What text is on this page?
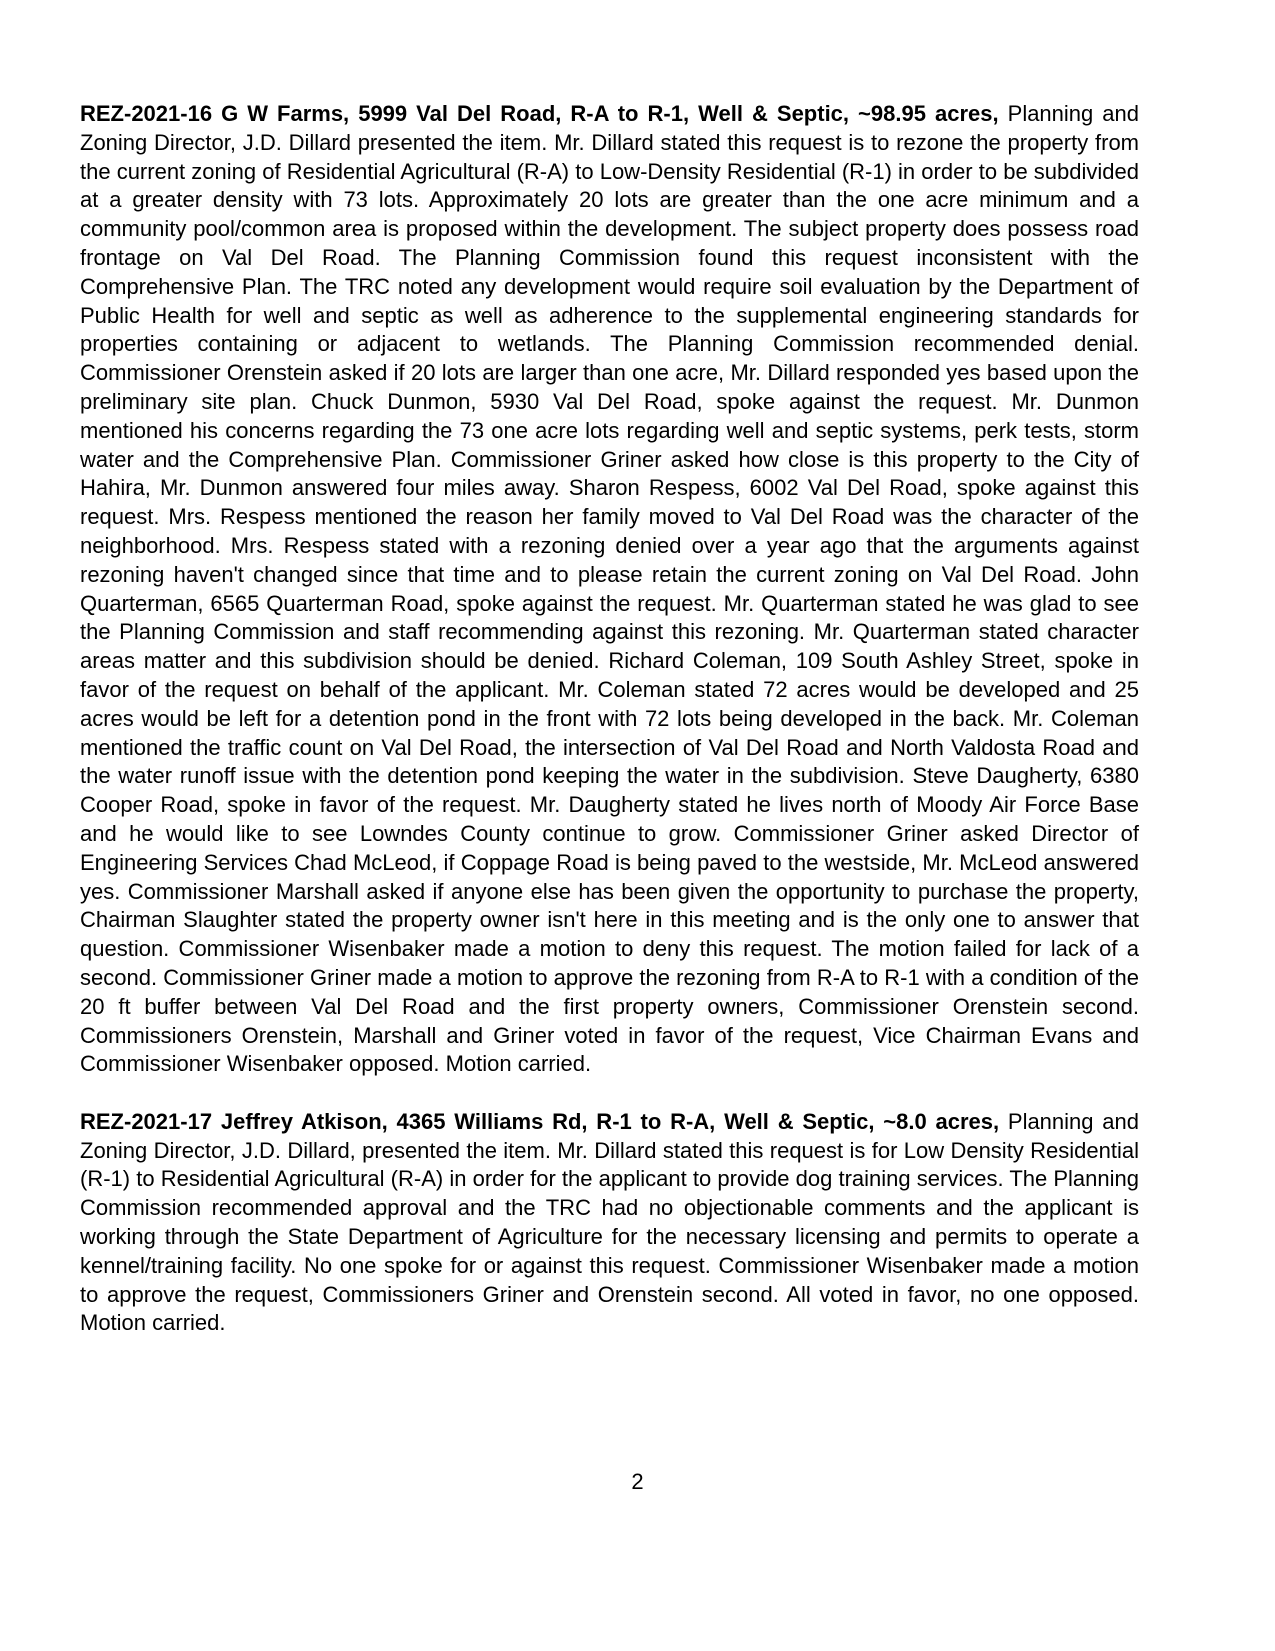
REZ-2021-16 G W Farms, 5999 Val Del Road, R-A to R-1, Well & Septic, ~98.95 acres, Planning and Zoning Director, J.D. Dillard presented the item. Mr. Dillard stated this request is to rezone the property from the current zoning of Residential Agricultural (R-A) to Low-Density Residential (R-1) in order to be subdivided at a greater density with 73 lots. Approximately 20 lots are greater than the one acre minimum and a community pool/common area is proposed within the development. The subject property does possess road frontage on Val Del Road. The Planning Commission found this request inconsistent with the Comprehensive Plan. The TRC noted any development would require soil evaluation by the Department of Public Health for well and septic as well as adherence to the supplemental engineering standards for properties containing or adjacent to wetlands. The Planning Commission recommended denial. Commissioner Orenstein asked if 20 lots are larger than one acre, Mr. Dillard responded yes based upon the preliminary site plan. Chuck Dunmon, 5930 Val Del Road, spoke against the request. Mr. Dunmon mentioned his concerns regarding the 73 one acre lots regarding well and septic systems, perk tests, storm water and the Comprehensive Plan. Commissioner Griner asked how close is this property to the City of Hahira, Mr. Dunmon answered four miles away. Sharon Respess, 6002 Val Del Road, spoke against this request. Mrs. Respess mentioned the reason her family moved to Val Del Road was the character of the neighborhood. Mrs. Respess stated with a rezoning denied over a year ago that the arguments against rezoning haven't changed since that time and to please retain the current zoning on Val Del Road. John Quarterman, 6565 Quarterman Road, spoke against the request. Mr. Quarterman stated he was glad to see the Planning Commission and staff recommending against this rezoning. Mr. Quarterman stated character areas matter and this subdivision should be denied. Richard Coleman, 109 South Ashley Street, spoke in favor of the request on behalf of the applicant. Mr. Coleman stated 72 acres would be developed and 25 acres would be left for a detention pond in the front with 72 lots being developed in the back. Mr. Coleman mentioned the traffic count on Val Del Road, the intersection of Val Del Road and North Valdosta Road and the water runoff issue with the detention pond keeping the water in the subdivision. Steve Daugherty, 6380 Cooper Road, spoke in favor of the request. Mr. Daugherty stated he lives north of Moody Air Force Base and he would like to see Lowndes County continue to grow. Commissioner Griner asked Director of Engineering Services Chad McLeod, if Coppage Road is being paved to the westside, Mr. McLeod answered yes. Commissioner Marshall asked if anyone else has been given the opportunity to purchase the property, Chairman Slaughter stated the property owner isn't here in this meeting and is the only one to answer that question. Commissioner Wisenbaker made a motion to deny this request. The motion failed for lack of a second. Commissioner Griner made a motion to approve the rezoning from R-A to R-1 with a condition of the 20 ft buffer between Val Del Road and the first property owners, Commissioner Orenstein second. Commissioners Orenstein, Marshall and Griner voted in favor of the request, Vice Chairman Evans and Commissioner Wisenbaker opposed. Motion carried.

REZ-2021-17 Jeffrey Atkison, 4365 Williams Rd, R-1 to R-A, Well & Septic, ~8.0 acres, Planning and Zoning Director, J.D. Dillard, presented the item. Mr. Dillard stated this request is for Low Density Residential (R-1) to Residential Agricultural (R-A) in order for the applicant to provide dog training services. The Planning Commission recommended approval and the TRC had no objectionable comments and the applicant is working through the State Department of Agriculture for the necessary licensing and permits to operate a kennel/training facility. No one spoke for or against this request. Commissioner Wisenbaker made a motion to approve the request, Commissioners Griner and Orenstein second. All voted in favor, no one opposed. Motion carried.

2
